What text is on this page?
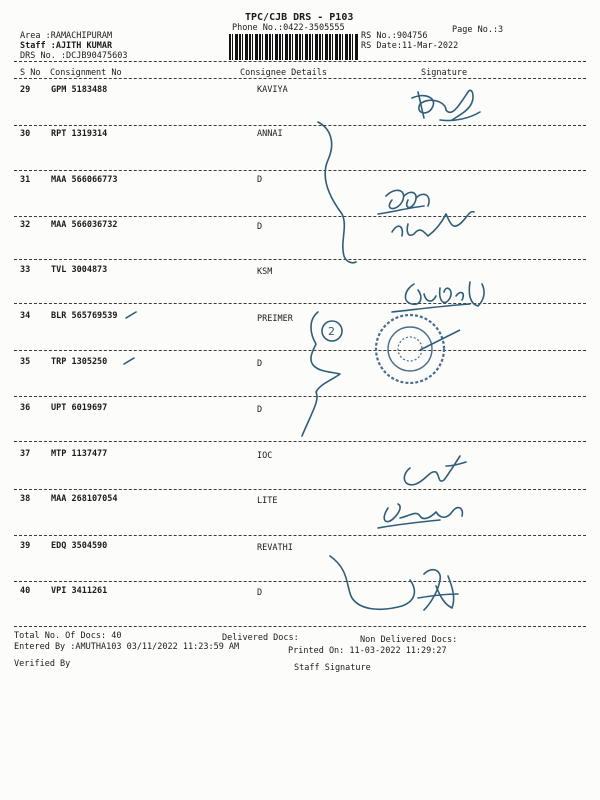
TPC/CJB DRS - P103
Phone No.:0422-3505555	Page No.:3
Area :RAMACHIPURAM
Staff :AJITH KUMAR
DRS No. :DCJB90475603
RS No.:904756
RS Date:11-Mar-2022
S No Consignment No	Consignee Details	Signature
29 GPM 5183488	KAVIYA
30 RPT 1319314	ANNAI
31 MAA 566066773	D
32 MAA 566036732	D
33 TVL 3004873	KSM
34 BLR 565769539	PREIMER
35 TRP 1305250	D
36 UPT 6019697	D
37 MTP 1137477	IOC
38 MAA 268107054	LITE
39 EDQ 3504590	REVATHI
40 VPI 3411261	D
Total No. Of Docs: 40	Delivered Docs:	Non Delivered Docs:
Entered By :AMUTHA103 03/11/2022 11:23:59 AM	Printed On: 11-03-2022 11:29:27
Verified By	Staff Signature
2
